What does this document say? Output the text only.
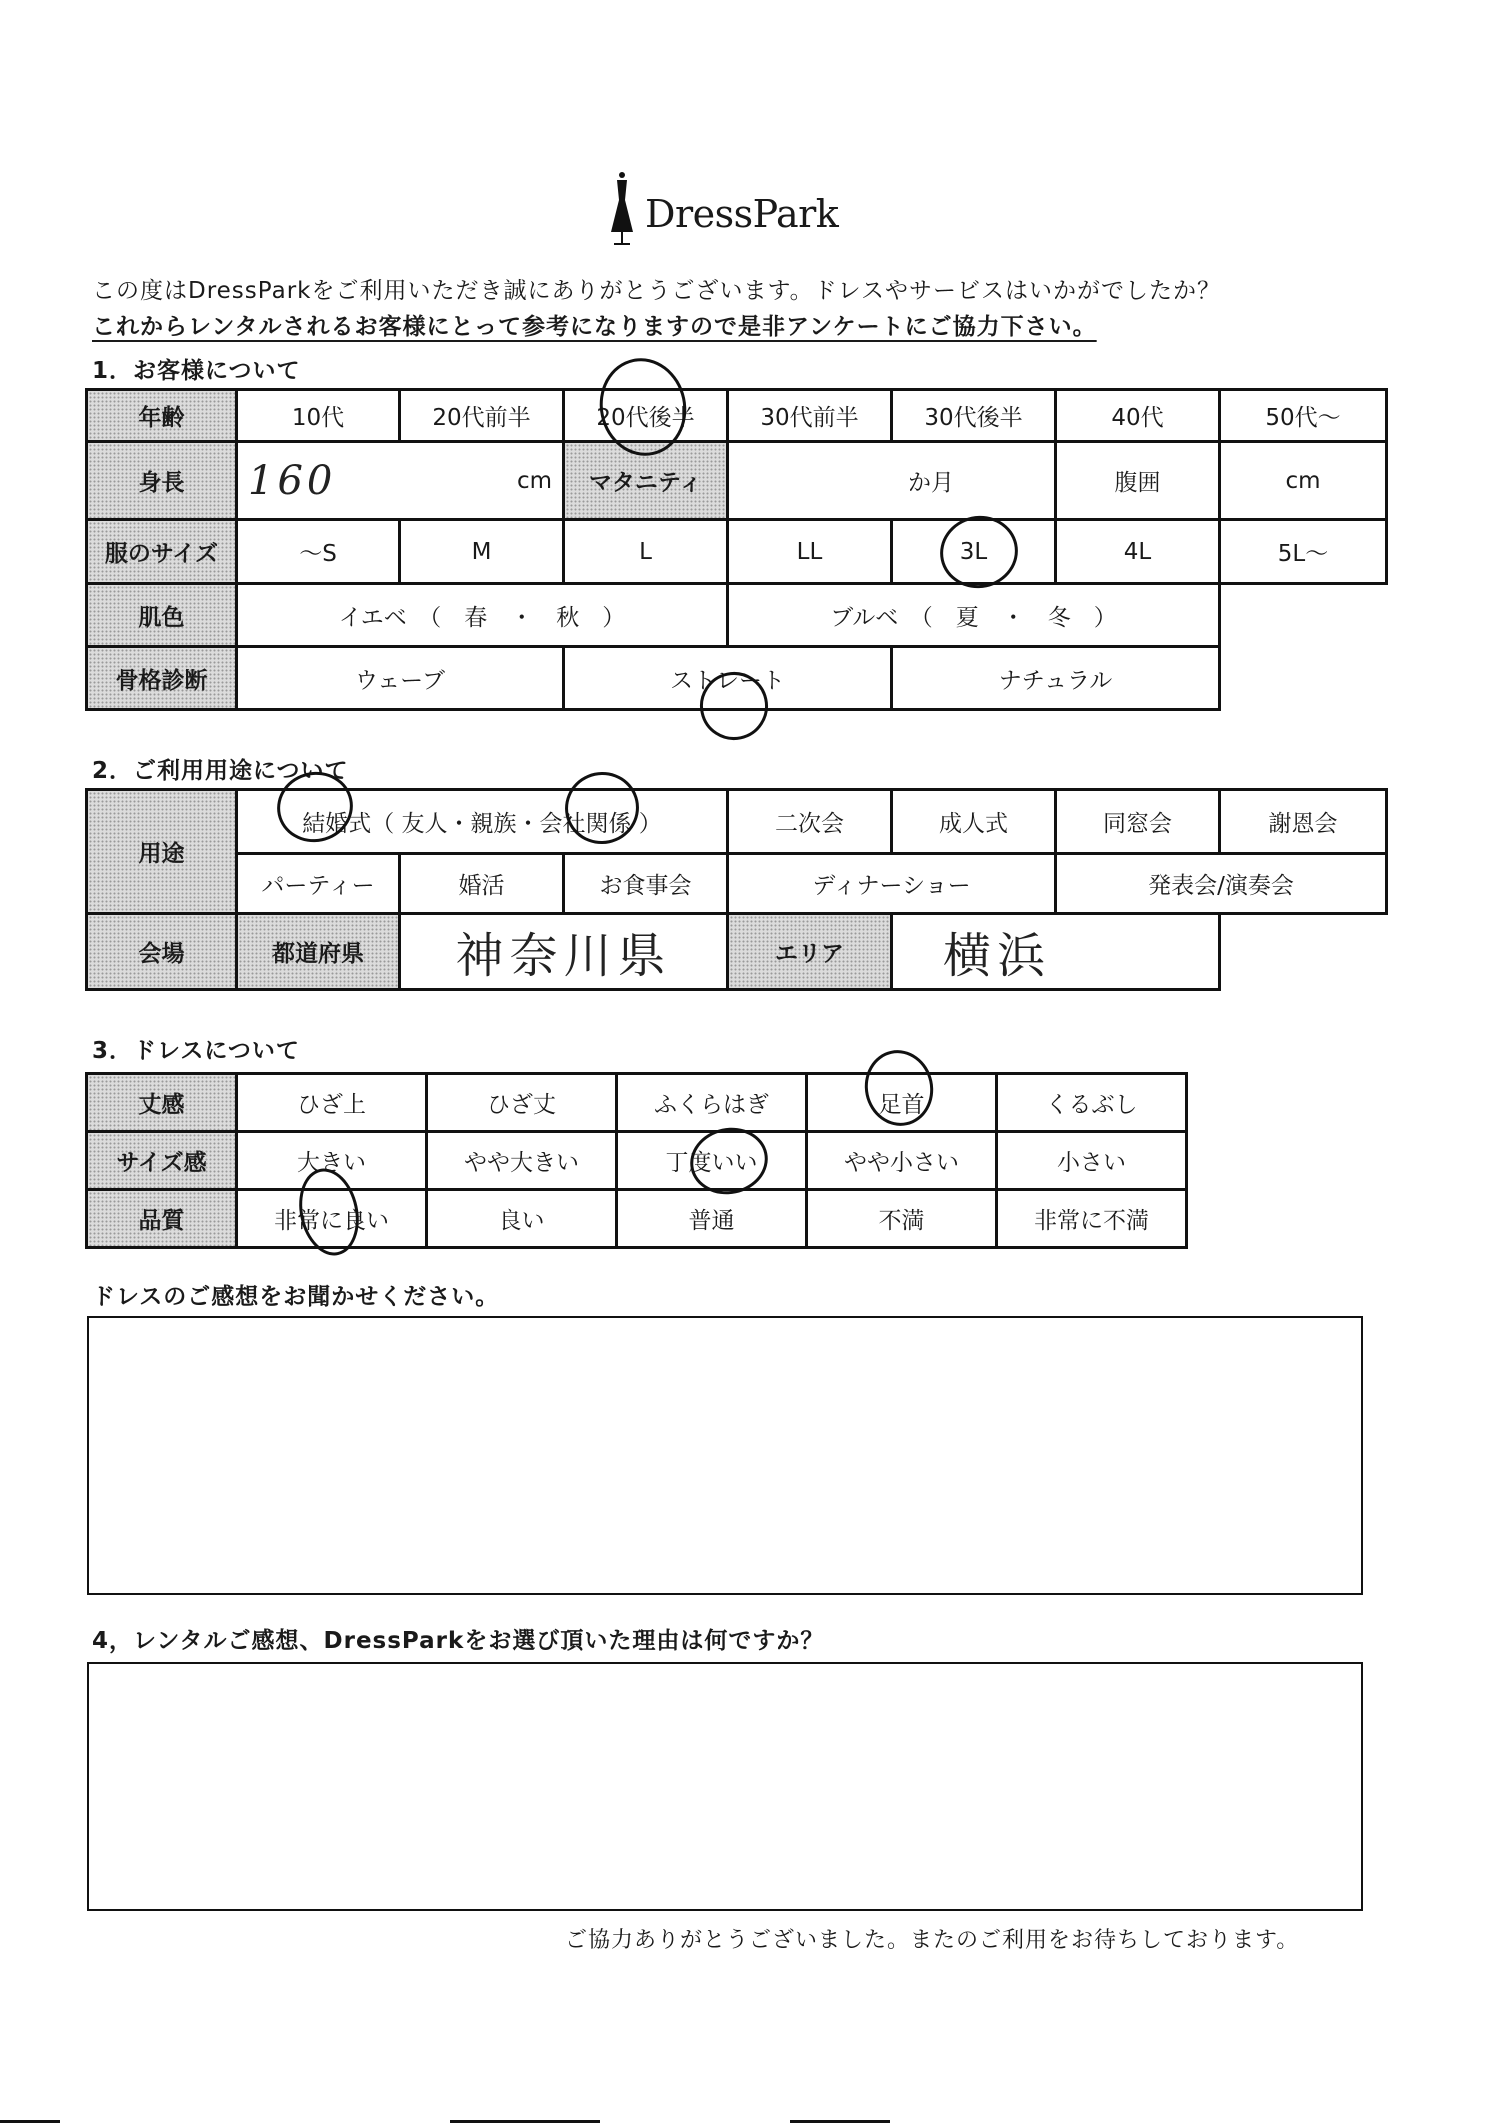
DressPark
この度はDressParkをご利用いただき誠にありがとうございます。ドレスやサービスはいかがでしたか？
これからレンタルされるお客様にとって参考になりますので是非アンケートにご協力下さい。
1．お客様について
年齢	10代	20代前半	20代後半	30代前半	30代後半	40代	50代～
身長	160 cm		マタニティ	か月		腹囲	cm
服のサイズ	～S	M	L	LL	3L	4L	5L～
肌色	イエベ　（　春　・　秋　）			ブルベ　（　夏　・　冬　）			
骨格診断	ウェーブ		ストレート		ナチュラル		
2．ご利用用途について
用途	結婚式（ 友人・親族・会社関係 ）			二次会	成人式	同窓会	謝恩会
	パーティー	婚活	お食事会	ディナーショー		発表会/演奏会	
会場	都道府県	神奈川県		エリア	横浜		
3．ドレスについて
丈感	ひざ上	ひざ丈	ふくらはぎ	足首	くるぶし
サイズ感	大きい	やや大きい	丁度いい	やや小さい	小さい
品質	非常に良い	良い	普通	不満	非常に不満
ドレスのご感想をお聞かせください。
4，レンタルご感想、DressParkをお選び頂いた理由は何ですか？
ご協力ありがとうございました。またのご利用をお待ちしております。
